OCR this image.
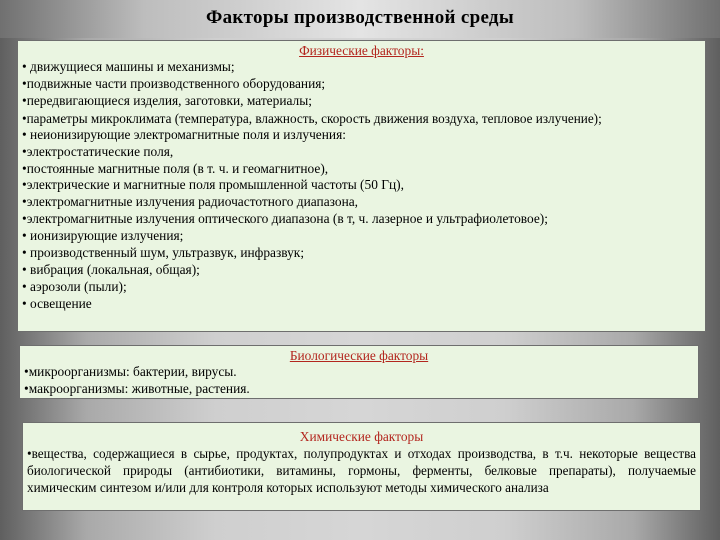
Факторы производственной среды
Физические факторы:
• движущиеся машины и механизмы;
•подвижные части производственного оборудования;
•передвигающиеся изделия, заготовки, материалы;
•параметры микроклимата (температура, влажность, скорость движения воздуха, тепловое излучение);
• неионизирующие электромагнитные поля и излучения:
•электростатические поля,
•постоянные магнитные поля (в т. ч. и геомагнитное),
•электрические и магнитные поля промышленной частоты (50 Гц),
•электромагнитные излучения радиочастотного диапазона,
•электромагнитные излучения оптического диапазона (в т, ч. лазерное и ультрафиолетовое);
• ионизирующие излучения;
• производственный шум, ультразвук, инфразвук;
• вибрация (локальная, общая);
• аэрозоли (пыли);
• освещение
Биологические факторы
•микроорганизмы: бактерии, вирусы.
•макроорганизмы: животные, растения.
Химические факторы
•вещества, содержащиеся в сырье, продуктах, полупродуктах и отходах производства, в т.ч. некоторые вещества биологической природы (антибиотики, витамины, гормоны, ферменты, белковые препараты), получаемые химическим синтезом и/или для контроля которых используют методы химического анализа
